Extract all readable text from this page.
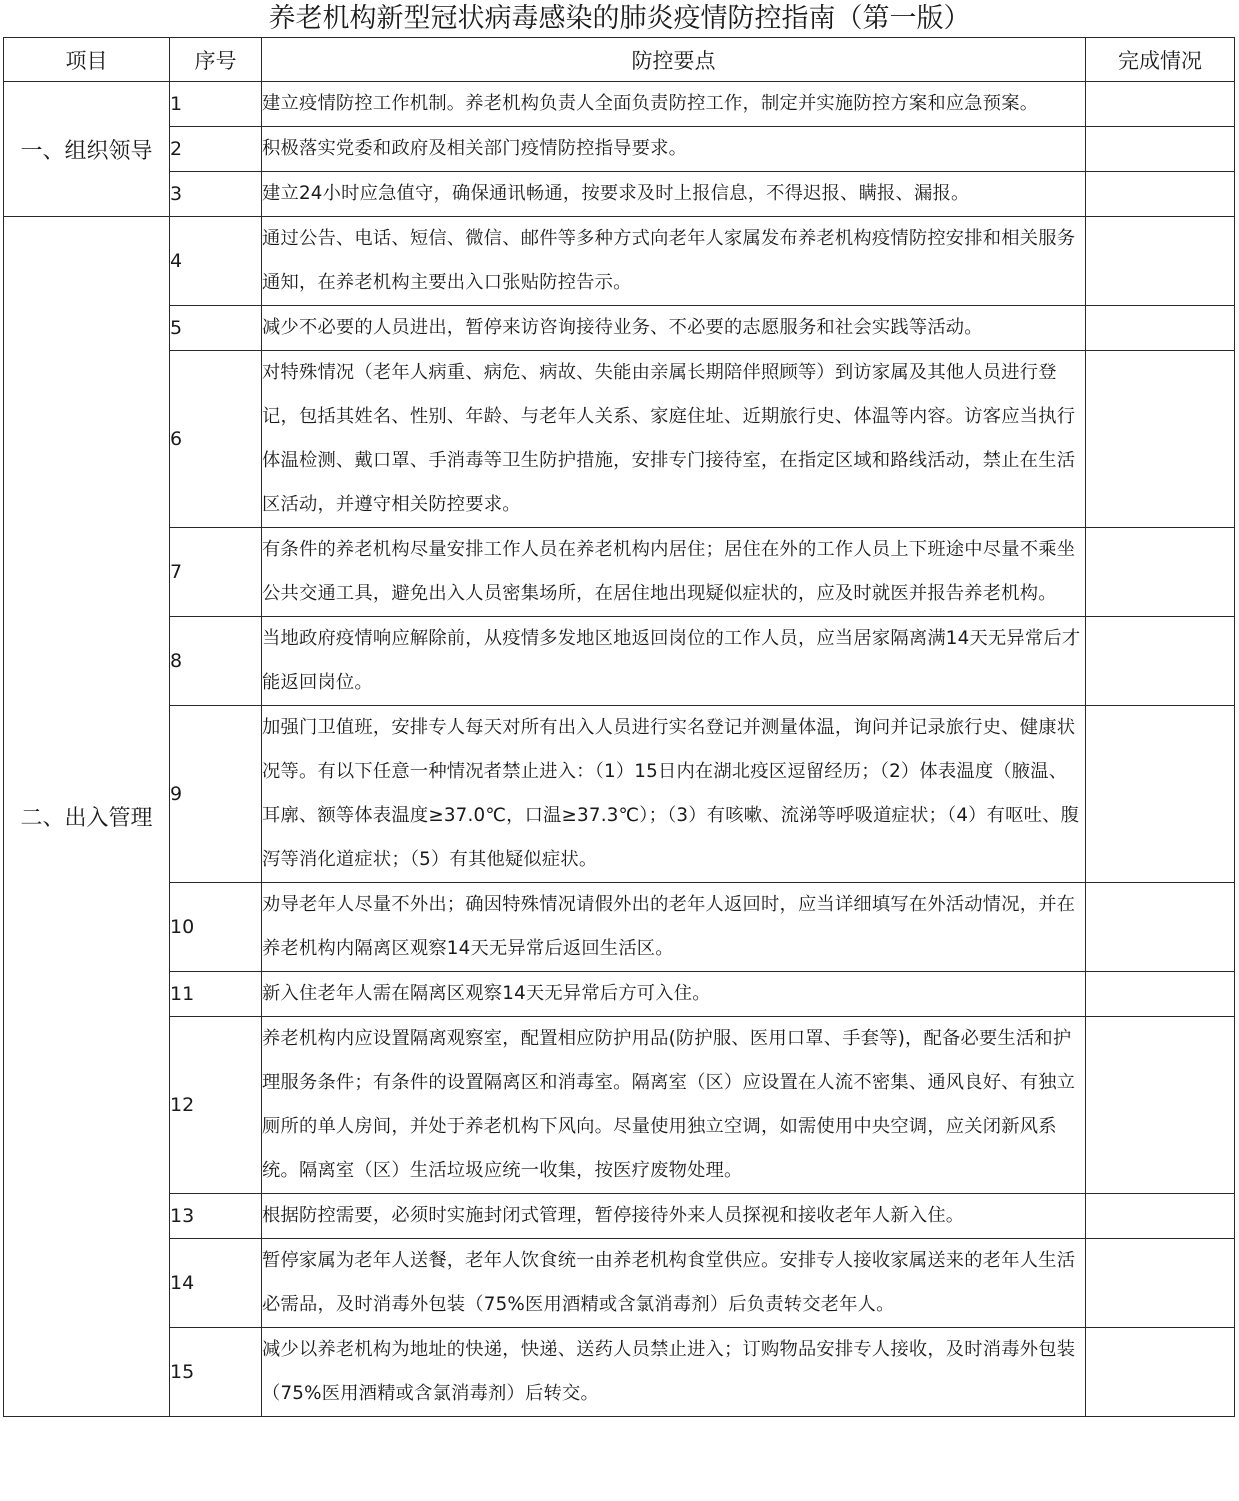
养老机构新型冠状病毒感染的肺炎疫情防控指南（第一版）
项目	序号	防控要点	完成情况
一、组织领导	1	建立疫情防控工作机制。养老机构负责人全面负责防控工作，制定并实施防控方案和应急预案。	
	2	积极落实党委和政府及相关部门疫情防控指导要求。	
	3	建立24小时应急值守，确保通讯畅通，按要求及时上报信息，不得迟报、瞒报、漏报。	
二、出入管理	4	通过公告、电话、短信、微信、邮件等多种方式向老年人家属发布养老机构疫情防控安排和相关服务通知，在养老机构主要出入口张贴防控告示。	
	5	减少不必要的人员进出，暂停来访咨询接待业务、不必要的志愿服务和社会实践等活动。	
	6	对特殊情况（老年人病重、病危、病故、失能由亲属长期陪伴照顾等）到访家属及其他人员进行登记，包括其姓名、性别、年龄、与老年人关系、家庭住址、近期旅行史、体温等内容。访客应当执行体温检测、戴口罩、手消毒等卫生防护措施，安排专门接待室，在指定区域和路线活动，禁止在生活区活动，并遵守相关防控要求。	
	7	有条件的养老机构尽量安排工作人员在养老机构内居住；居住在外的工作人员上下班途中尽量不乘坐公共交通工具，避免出入人员密集场所，在居住地出现疑似症状的，应及时就医并报告养老机构。	
	8	当地政府疫情响应解除前，从疫情多发地区地返回岗位的工作人员，应当居家隔离满14天无异常后才能返回岗位。	
	9	加强门卫值班，安排专人每天对所有出入人员进行实名登记并测量体温，询问并记录旅行史、健康状况等。有以下任意一种情况者禁止进入：（1）15日内在湖北疫区逗留经历；（2）体表温度（腋温、耳廓、额等体表温度≥37.0℃，口温≥37.3℃）；（3）有咳嗽、流涕等呼吸道症状；（4）有呕吐、腹泻等消化道症状；（5）有其他疑似症状。	
	10	劝导老年人尽量不外出；确因特殊情况请假外出的老年人返回时，应当详细填写在外活动情况，并在养老机构内隔离区观察14天无异常后返回生活区。	
	11	新入住老年人需在隔离区观察14天无异常后方可入住。	
	12	养老机构内应设置隔离观察室，配置相应防护用品(防护服、医用口罩、手套等)，配备必要生活和护理服务条件；有条件的设置隔离区和消毒室。隔离室（区）应设置在人流不密集、通风良好、有独立厕所的单人房间，并处于养老机构下风向。尽量使用独立空调，如需使用中央空调，应关闭新风系统。隔离室（区）生活垃圾应统一收集，按医疗废物处理。	
	13	根据防控需要，必须时实施封闭式管理，暂停接待外来人员探视和接收老年人新入住。	
	14	暂停家属为老年人送餐，老年人饮食统一由养老机构食堂供应。安排专人接收家属送来的老年人生活必需品，及时消毒外包装（75%医用酒精或含氯消毒剂）后负责转交老年人。	
	15	减少以养老机构为地址的快递，快递、送药人员禁止进入；订购物品安排专人接收，及时消毒外包装（75%医用酒精或含氯消毒剂）后转交。	
